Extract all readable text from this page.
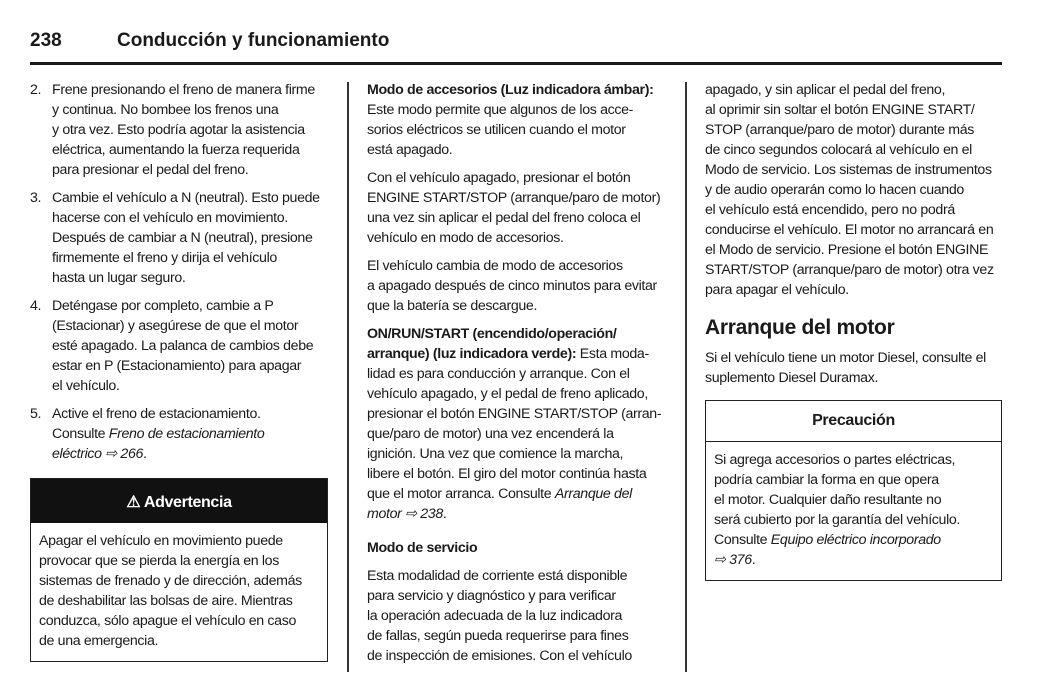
238	Conducción y funcionamiento
2. Frene presionando el freno de manera firme
y continua. No bombee los frenos una
y otra vez. Esto podría agotar la asistencia
eléctrica, aumentando la fuerza requerida
para presionar el pedal del freno.
3. Cambie el vehículo a N (neutral). Esto puede
hacerse con el vehículo en movimiento.
Después de cambiar a N (neutral), presione
firmemente el freno y dirija el vehículo
hasta un lugar seguro.
4. Deténgase por completo, cambie a P
(Estacionar) y asegúrese de que el motor
esté apagado. La palanca de cambios debe
estar en P (Estacionamiento) para apagar
el vehículo.
5. Active el freno de estacionamiento.
Consulte Freno de estacionamiento
eléctrico ⇨ 266.
⚠ Advertencia
Apagar el vehículo en movimiento puede
provocar que se pierda la energía en los
sistemas de frenado y de dirección, además
de deshabilitar las bolsas de aire. Mientras
conduzca, sólo apague el vehículo en caso
de una emergencia.
Modo de accesorios (Luz indicadora ámbar):
Este modo permite que algunos de los acce-
sorios eléctricos se utilicen cuando el motor
está apagado.
Con el vehículo apagado, presionar el botón
ENGINE START/STOP (arranque/paro de motor)
una vez sin aplicar el pedal del freno coloca el
vehículo en modo de accesorios.
El vehículo cambia de modo de accesorios
a apagado después de cinco minutos para evitar
que la batería se descargue.
ON/RUN/START (encendido/operación/
arranque) (luz indicadora verde): Esta moda-
lidad es para conducción y arranque. Con el
vehículo apagado, y el pedal de freno aplicado,
presionar el botón ENGINE START/STOP (arran-
que/paro de motor) una vez encenderá la
ignición. Una vez que comience la marcha,
libere el botón. El giro del motor continúa hasta
que el motor arranca. Consulte Arranque del
motor ⇨ 238.
Modo de servicio
Esta modalidad de corriente está disponible
para servicio y diagnóstico y para verificar
la operación adecuada de la luz indicadora
de fallas, según pueda requerirse para fines
de inspección de emisiones. Con el vehículo
apagado, y sin aplicar el pedal del freno,
al oprimir sin soltar el botón ENGINE START/
STOP (arranque/paro de motor) durante más
de cinco segundos colocará al vehículo en el
Modo de servicio. Los sistemas de instrumentos
y de audio operarán como lo hacen cuando
el vehículo está encendido, pero no podrá
conducirse el vehículo. El motor no arrancará en
el Modo de servicio. Presione el botón ENGINE
START/STOP (arranque/paro de motor) otra vez
para apagar el vehículo.
Arranque del motor
Si el vehículo tiene un motor Diesel, consulte el
suplemento Diesel Duramax.
Precaución
Si agrega accesorios o partes eléctricas,
podría cambiar la forma en que opera
el motor. Cualquier daño resultante no
será cubierto por la garantía del vehículo.
Consulte Equipo eléctrico incorporado
⇨ 376.
